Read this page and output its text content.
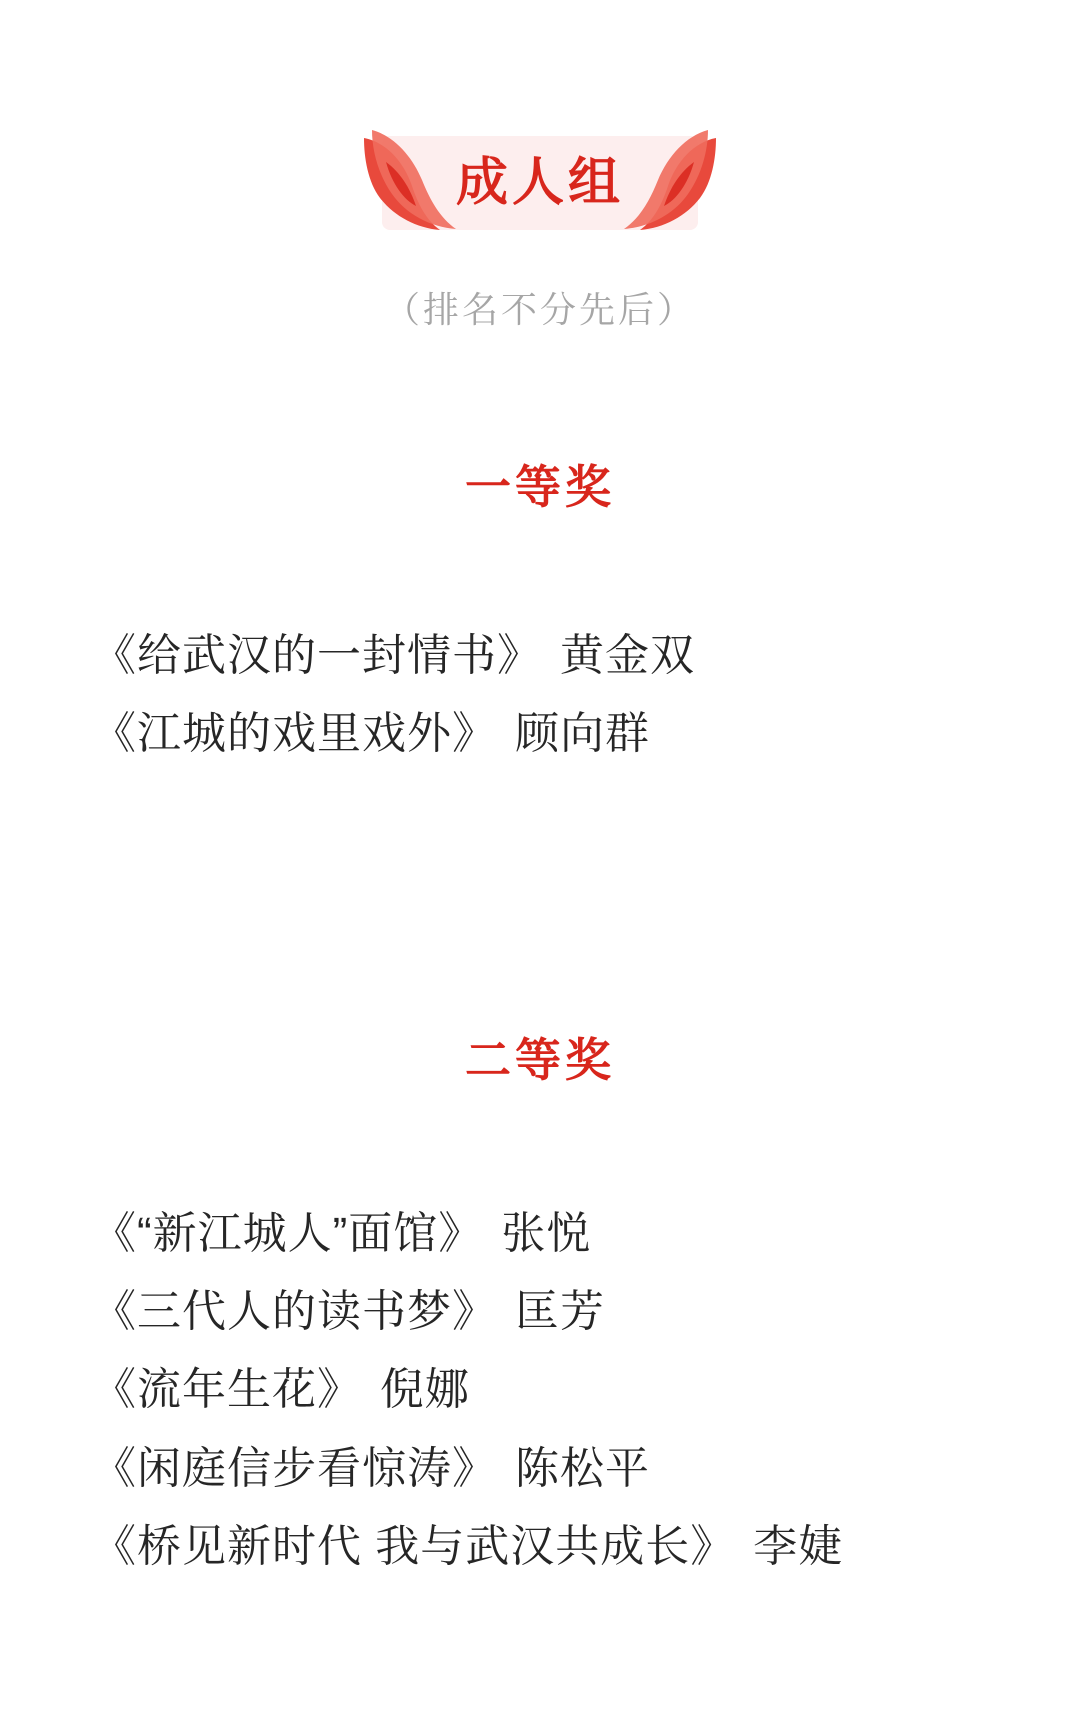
成人组
（排名不分先后）
一等奖
《给武汉的一封情书》 黄金双
《江城的戏里戏外》 顾向群
二等奖
《“新江城人”面馆》 张悦
《三代人的读书梦》 匡芳
《流年生花》 倪娜
《闲庭信步看惊涛》 陈松平
《桥见新时代 我与武汉共成长》 李婕
